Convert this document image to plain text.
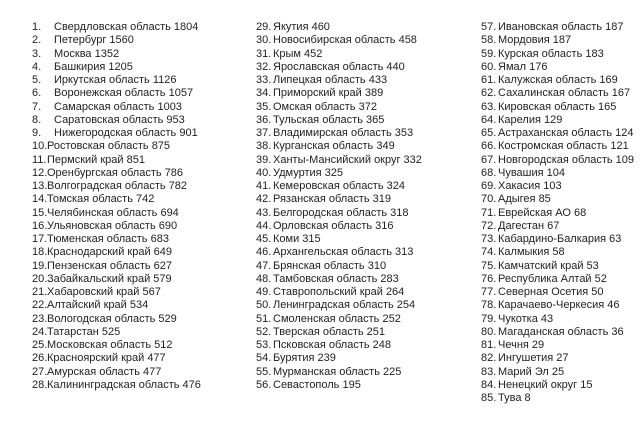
1. Свердловская область 1804
2. Петербург 1560
3. Москва 1352
4. Башкирия 1205
5. Иркутская область 1126
6. Воронежская область 1057
7. Самарская область 1003
8. Саратовская область 953
9. Нижегородская область 901
10. Ростовская область 875
11. Пермский край 851
12. Оренбургская область 786
13. Волгоградская область 782
14. Томская область 742
15. Челябинская область 694
16. Ульяновская область 690
17. Тюменская область 683
18. Краснодарский край 649
19. Пензенская область 627
20. Забайкальский край 579
21. Хабаровский край 567
22. Алтайский край 534
23. Вологодская область 529
24. Татарстан 525
25. Московская область 512
26. Красноярский край 477
27. Амурская область 477
28. Калининградская область 476
29. Якутия 460
30. Новосибирская область 458
31. Крым 452
32. Ярославская область 440
33. Липецкая область 433
34. Приморский край 389
35. Омская область 372
36. Тульская область 365
37. Владимирская область 353
38. Курганская область 349
39. Ханты-Мансийский округ 332
40. Удмуртия 325
41. Кемеровская область 324
42. Рязанская область 319
43. Белгородская область 318
44. Орловская область 316
45. Коми 315
46. Архангельская область 313
47. Брянская область 310
48. Тамбовская область 283
49. Ставропольский край 264
50. Ленинградская область 254
51. Смоленская область 252
52. Тверская область 251
53. Псковская область 248
54. Бурятия 239
55. Мурманская область 225
56. Севастополь 195
57. Ивановская область 187
58. Мордовия 187
59. Курская область 183
60. Ямал 176
61. Калужская область 169
62. Сахалинская область 167
63. Кировская область 165
64. Карелия 129
65. Астраханская область 124
66. Костромская область 121
67. Новгородская область 109
68. Чувашия 104
69. Хакасия 103
70. Адыгея 85
71. Еврейская АО 68
72. Дагестан 67
73. Кабардино-Балкария 63
74. Калмыкия 58
75. Камчатский край 53
76. Республика Алтай 52
77. Северная Осетия 50
78. Карачаево-Черкесия 46
79. Чукотка 43
80. Магаданская область 36
81. Чечня 29
82. Ингушетия 27
83. Марий Эл 25
84. Ненецкий округ 15
85. Тува 8
